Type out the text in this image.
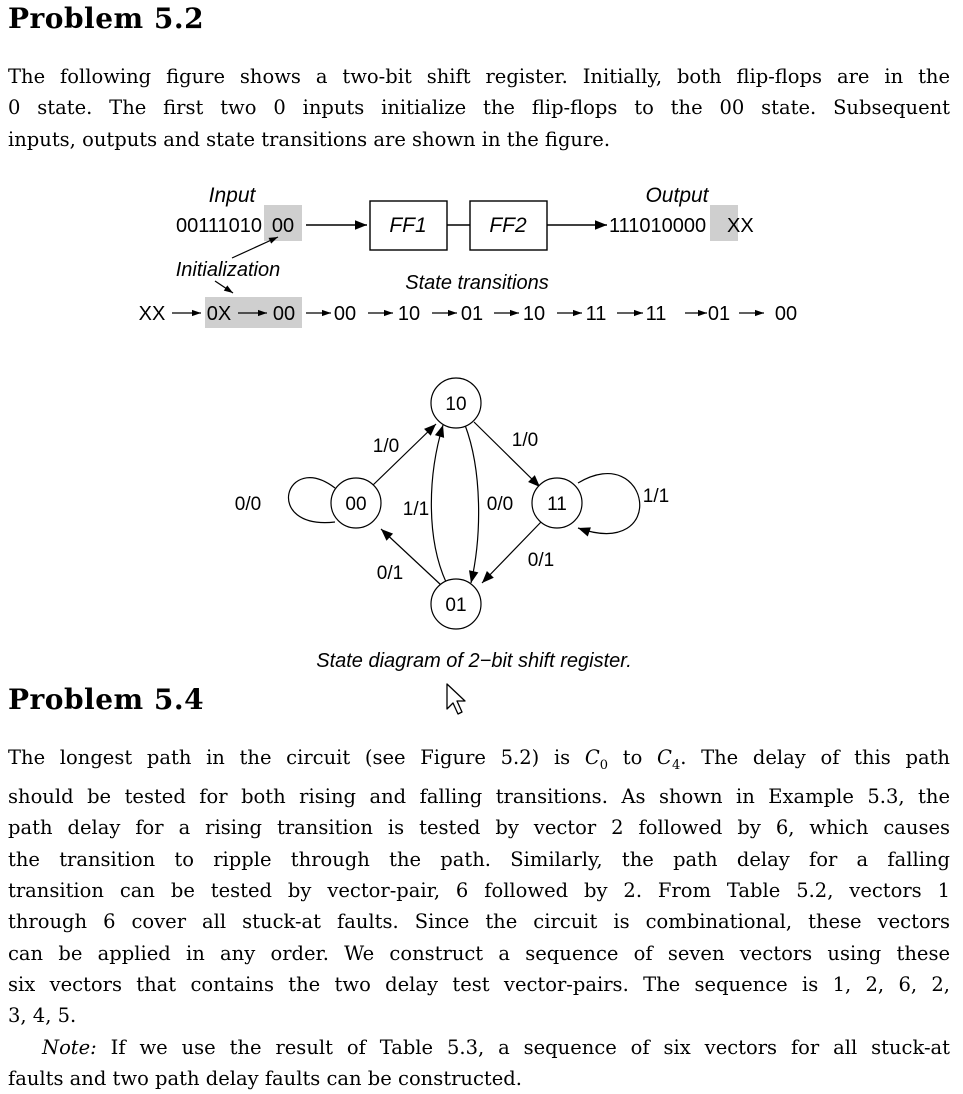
Problem 5.2

The following figure shows a two-bit shift register. Initially, both flip-flops are in the
0 state. The first two 0 inputs initialize the flip-flops to the 00 state. Subsequent
inputs, outputs and state transitions are shown in the figure.

Input
00111010 00	FF1	FF2
Output
111010000 XX
Initialization
State transitions
XX 0X 00 00 10 01 10 11 11 01 00
10
00	11
01
1/0	1/0
0/0	1/1
1/1	0/0
0/1
0/1
State diagram of 2−bit shift register.
Problem 5.4

The longest path in the circuit (see Figure 5.2) is $C_0$ to $C_4$. The delay of this path
should be tested for both rising and falling transitions. As shown in Example 5.3, the
path delay for a rising transition is tested by vector 2 followed by 6, which causes
the transition to ripple through the path. Similarly, the path delay for a falling
transition can be tested by vector-pair, 6 followed by 2. From Table 5.2, vectors 1
through 6 cover all stuck-at faults. Since the circuit is combinational, these vectors
can be applied in any order. We construct a sequence of seven vectors using these
six vectors that contains the two delay test vector-pairs. The sequence is 1, 2, 6, 2,
3, 4, 5.
Note: If we use the result of Table 5.3, a sequence of six vectors for all stuck-at
faults and two path delay faults can be constructed.
